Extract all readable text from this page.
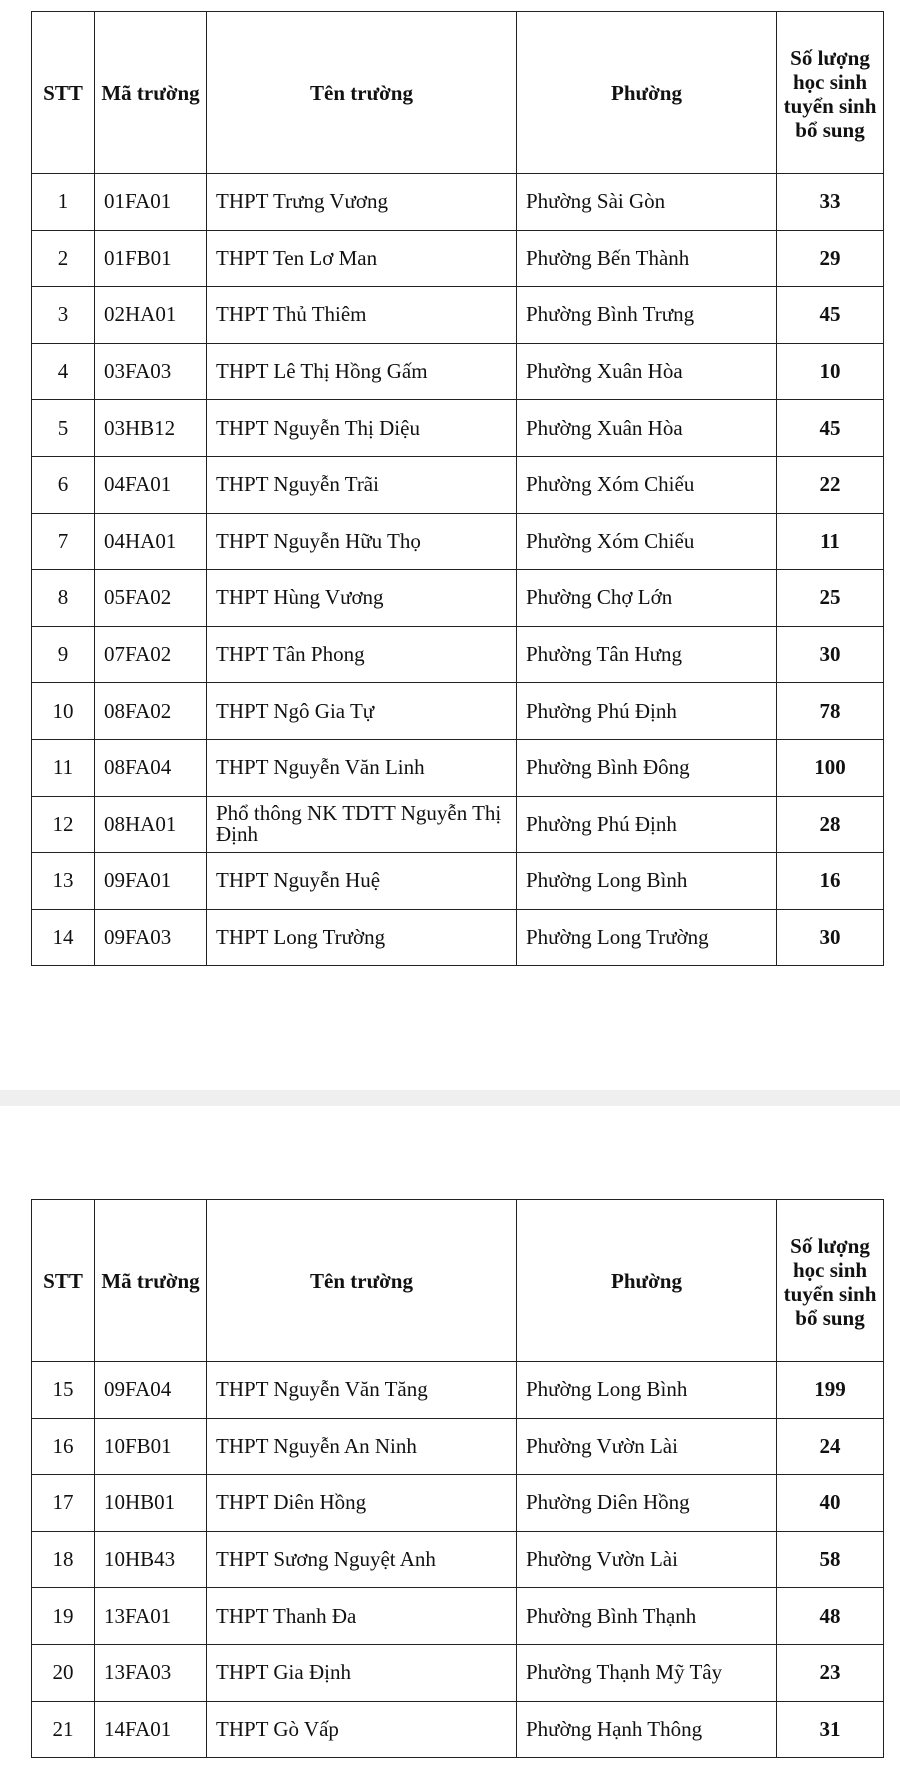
STT	Mã trường	Tên trường	Phường	Số lượng học sinh tuyển sinh bổ sung
1	01FA01	THPT Trưng Vương	Phường Sài Gòn	33
2	01FB01	THPT Ten Lơ Man	Phường Bến Thành	29
3	02HA01	THPT Thủ Thiêm	Phường Bình Trưng	45
4	03FA03	THPT Lê Thị Hồng Gấm	Phường Xuân Hòa	10
5	03HB12	THPT Nguyễn Thị Diệu	Phường Xuân Hòa	45
6	04FA01	THPT Nguyễn Trãi	Phường Xóm Chiếu	22
7	04HA01	THPT Nguyễn Hữu Thọ	Phường Xóm Chiếu	11
8	05FA02	THPT Hùng Vương	Phường Chợ Lớn	25
9	07FA02	THPT Tân Phong	Phường Tân Hưng	30
10	08FA02	THPT Ngô Gia Tự	Phường Phú Định	78
11	08FA04	THPT Nguyễn Văn Linh	Phường Bình Đông	100
12	08HA01	Phổ thông NK TDTT Nguyễn Thị Định	Phường Phú Định	28
13	09FA01	THPT Nguyễn Huệ	Phường Long Bình	16
14	09FA03	THPT Long Trường	Phường Long Trường	30
STT	Mã trường	Tên trường	Phường	Số lượng học sinh tuyển sinh bổ sung
15	09FA04	THPT Nguyễn Văn Tăng	Phường Long Bình	199
16	10FB01	THPT Nguyễn An Ninh	Phường Vườn Lài	24
17	10HB01	THPT Diên Hồng	Phường Diên Hồng	40
18	10HB43	THPT Sương Nguyệt Anh	Phường Vườn Lài	58
19	13FA01	THPT Thanh Đa	Phường Bình Thạnh	48
20	13FA03	THPT Gia Định	Phường Thạnh Mỹ Tây	23
21	14FA01	THPT Gò Vấp	Phường Hạnh Thông	31
